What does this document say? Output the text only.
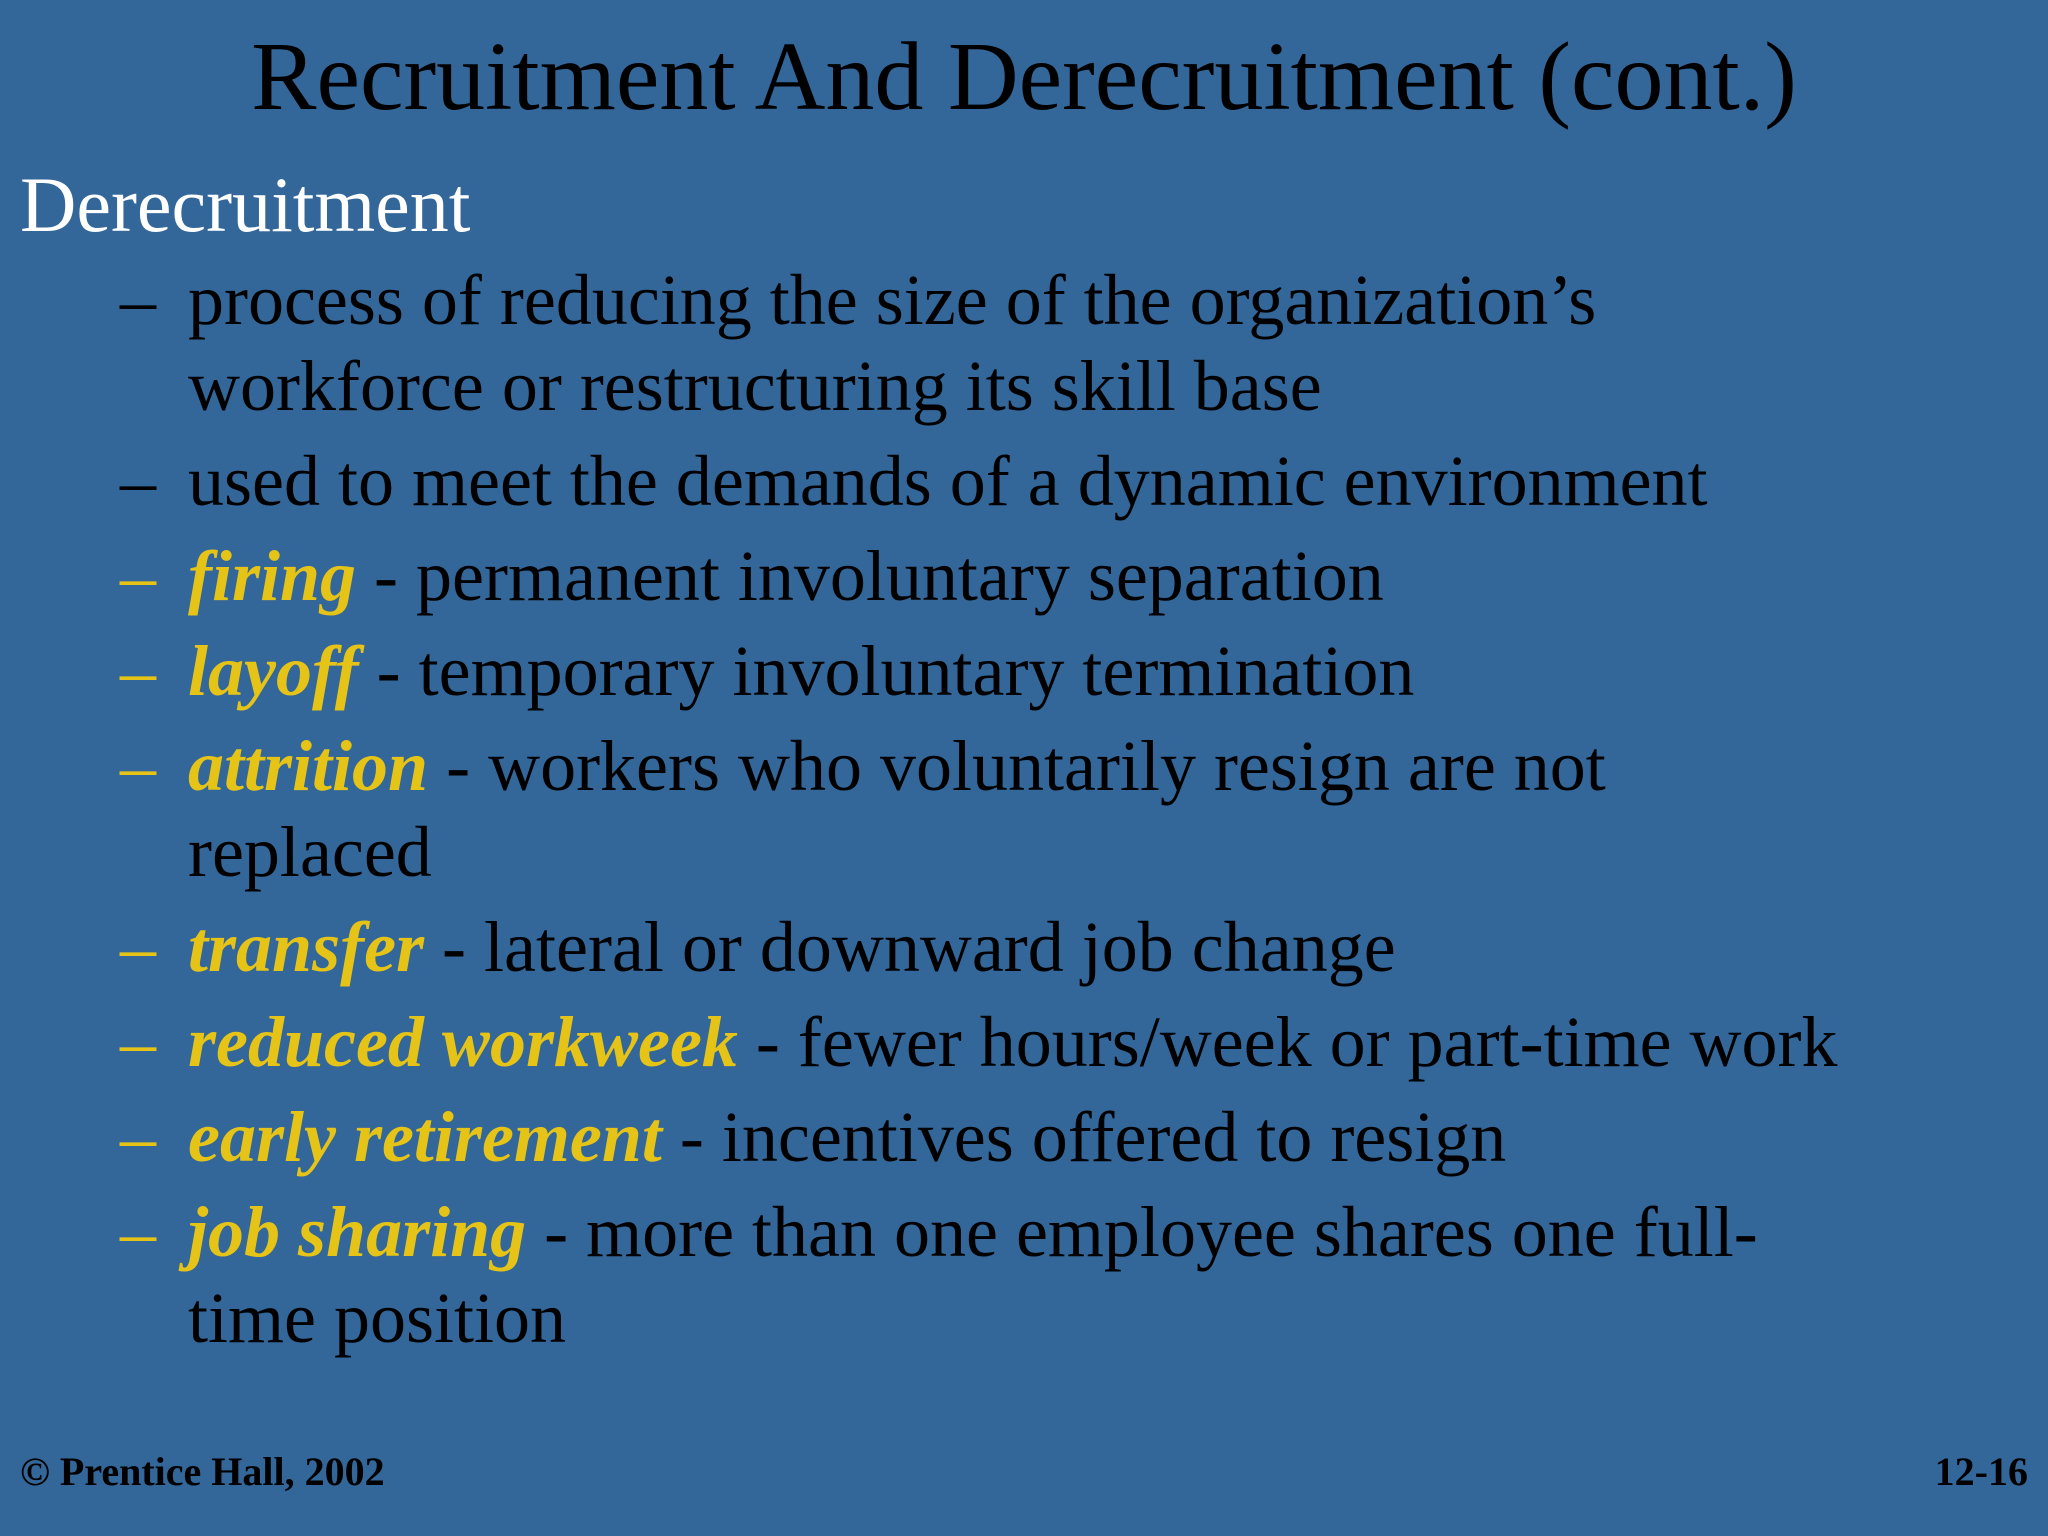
Recruitment And Derecruitment (cont.)
Derecruitment
– process of reducing the size of the organization’s
workforce or restructuring its skill base
– used to meet the demands of a dynamic environment
– firing - permanent involuntary separation
– layoff - temporary involuntary termination
– attrition - workers who voluntarily resign are not
replaced
– transfer - lateral or downward job change
– reduced workweek - fewer hours/week or part-time work
– early retirement - incentives offered to resign
– job sharing - more than one employee shares one full-
time position
© Prentice Hall, 2002	12-16
